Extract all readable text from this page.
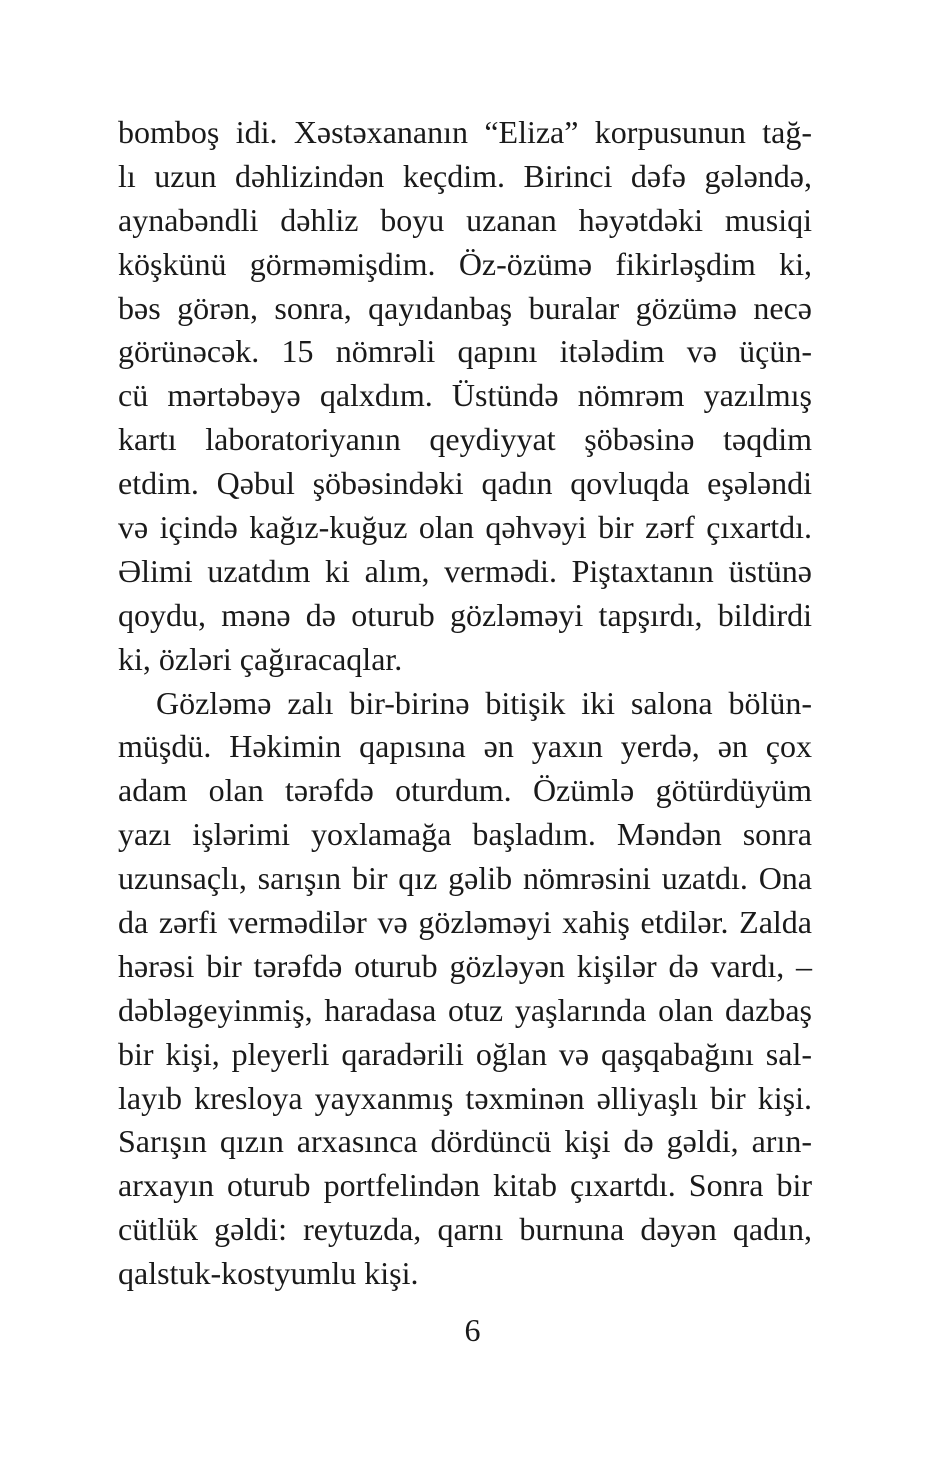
bomboş idi. Xəstəxananın “Eliza” korpusunun tağ-
lı uzun dəhlizindən keçdim. Birinci dəfə gələndə,
aynabəndli dəhliz boyu uzanan həyətdəki musiqi
köşkünü görməmişdim. Öz-özümə fikirləşdim ki,
bəs görən, sonra, qayıdanbaş buralar gözümə necə
görünəcək. 15 nömrəli qapını itələdim və üçün-
cü mərtəbəyə qalxdım. Üstündə nömrəm yazılmış
kartı laboratoriyanın qeydiyyat şöbəsinə təqdim
etdim. Qəbul şöbəsindəki qadın qovluqda eşələndi
və içində kağız-kuğuz olan qəhvəyi bir zərf çıxartdı.
Əlimi uzatdım ki alım, vermədi. Piştaxtanın üstünə
qoydu, mənə də oturub gözləməyi tapşırdı, bildirdi
ki, özləri çağıracaqlar.
Gözləmə zalı bir-birinə bitişik iki salona bölün-
müşdü. Həkimin qapısına ən yaxın yerdə, ən çox
adam olan tərəfdə oturdum. Özümlə götürdüyüm
yazı işlərimi yoxlamağa başladım. Məndən sonra
uzunsaçlı, sarışın bir qız gəlib nömrəsini uzatdı. Ona
da zərfi vermədilər və gözləməyi xahiş etdilər. Zalda
hərəsi bir tərəfdə oturub gözləyən kişilər də vardı, –
dəbləgeyinmiş, haradasa otuz yaşlarında olan dazbaş
bir kişi, pleyerli qaradərili oğlan və qaşqabağını sal-
layıb kresloya yayxanmış təxminən əlliyaşlı bir kişi.
Sarışın qızın arxasınca dördüncü kişi də gəldi, arın-
arxayın oturub portfelindən kitab çıxartdı. Sonra bir
cütlük gəldi: reytuzda, qarnı burnuna dəyən qadın,
qalstuk-kostyumlu kişi.
6
